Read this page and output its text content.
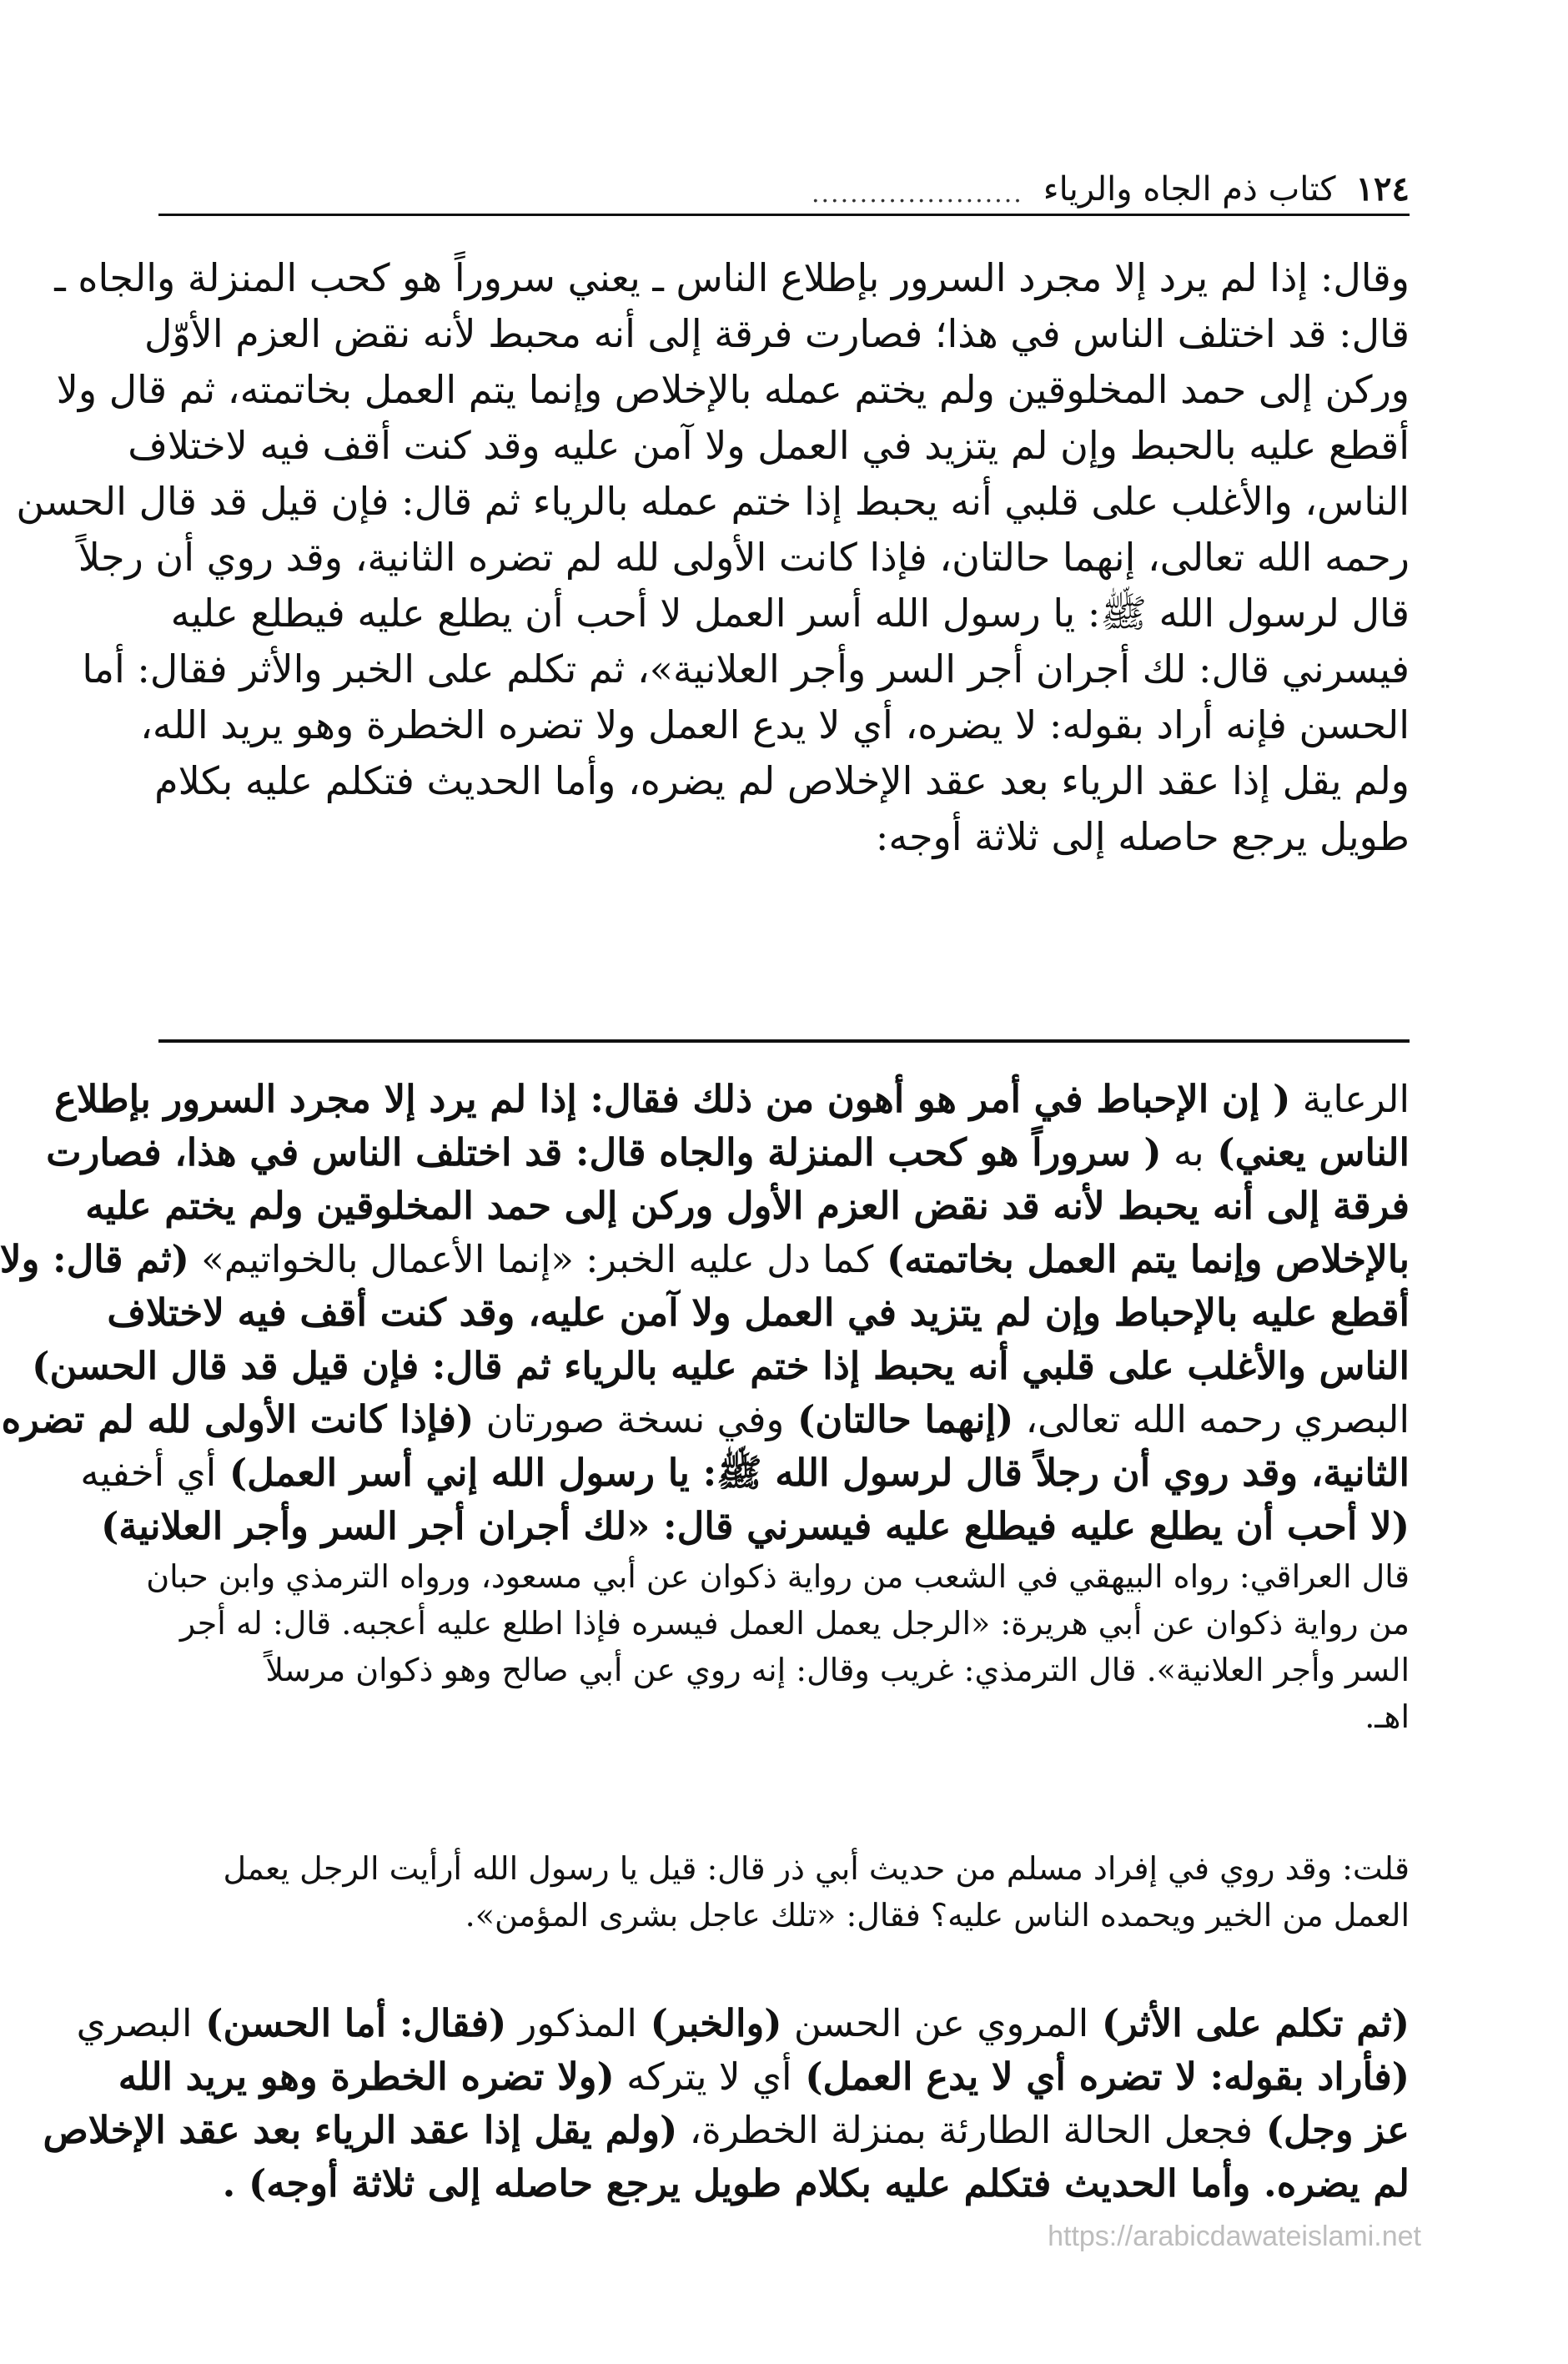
١٢٤
كتاب ذم الجاه والرياء
......................
وقال: إذا لم يرد إلا مجرد السرور بإطلاع الناس ـ يعني سروراً هو كحب المنزلة والجاه ـ
قال: قد اختلف الناس في هذا؛ فصارت فرقة إلى أنه محبط لأنه نقض العزم الأوّل
وركن إلى حمد المخلوقين ولم يختم عمله بالإخلاص وإنما يتم العمل بخاتمته، ثم قال ولا
أقطع عليه بالحبط وإن لم يتزيد في العمل ولا آمن عليه وقد كنت أقف فيه لاختلاف
الناس، والأغلب على قلبي أنه يحبط إذا ختم عمله بالرياء ثم قال: فإن قيل قد قال الحسن
رحمه الله تعالى، إنهما حالتان، فإذا كانت الأولى لله لم تضره الثانية، وقد روي أن رجلاً
قال لرسول الله ﷺ: يا رسول الله أسر العمل لا أحب أن يطلع عليه فيطلع عليه
فيسرني قال: لك أجران أجر السر وأجر العلانية»، ثم تكلم على الخبر والأثر فقال: أما
الحسن فإنه أراد بقوله: لا يضره، أي لا يدع العمل ولا تضره الخطرة وهو يريد الله،
ولم يقل إذا عقد الرياء بعد عقد الإخلاص لم يضره، وأما الحديث فتكلم عليه بكلام
طويل يرجع حاصله إلى ثلاثة أوجه:
الرعاية ( إن الإحباط في أمر هو أهون من ذلك فقال: إذا لم يرد إلا مجرد السرور بإطلاع
الناس يعني) به ( سروراً هو كحب المنزلة والجاه قال: قد اختلف الناس في هذا، فصارت
فرقة إلى أنه يحبط لأنه قد نقض العزم الأول وركن إلى حمد المخلوقين ولم يختم عليه
بالإخلاص وإنما يتم العمل بخاتمته) كما دل عليه الخبر: «إنما الأعمال بالخواتيم» (ثم قال: ولا
أقطع عليه بالإحباط وإن لم يتزيد في العمل ولا آمن عليه، وقد كنت أقف فيه لاختلاف
الناس والأغلب على قلبي أنه يحبط إذا ختم عليه بالرياء ثم قال: فإن قيل قد قال الحسن)
البصري رحمه الله تعالى، (إنهما حالتان) وفي نسخة صورتان (فإذا كانت الأولى لله لم تضره
الثانية، وقد روي أن رجلاً قال لرسول الله ﷺ: يا رسول الله إني أسر العمل) أي أخفيه
(لا أحب أن يطلع عليه فيطلع عليه فيسرني قال: «لك أجران أجر السر وأجر العلانية)
قال العراقي: رواه البيهقي في الشعب من رواية ذكوان عن أبي مسعود، ورواه الترمذي وابن حبان
من رواية ذكوان عن أبي هريرة: «الرجل يعمل العمل فيسره فإذا اطلع عليه أعجبه. قال: له أجر
السر وأجر العلانية». قال الترمذي: غريب وقال: إنه روي عن أبي صالح وهو ذكوان مرسلاً
اهـ.
قلت: وقد روي في إفراد مسلم من حديث أبي ذر قال: قيل يا رسول الله أرأيت الرجل يعمل
العمل من الخير ويحمده الناس عليه؟ فقال: «تلك عاجل بشرى المؤمن».
(ثم تكلم على الأثر) المروي عن الحسن (والخبر) المذكور (فقال: أما الحسن) البصري
(فأراد بقوله: لا تضره أي لا يدع العمل) أي لا يتركه (ولا تضره الخطرة وهو يريد الله
عز وجل) فجعل الحالة الطارئة بمنزلة الخطرة، (ولم يقل إذا عقد الرياء بعد عقد الإخلاص
لم يضره. وأما الحديث فتكلم عليه بكلام طويل يرجع حاصله إلى ثلاثة أوجه) .
https://arabicdawateislami.net
